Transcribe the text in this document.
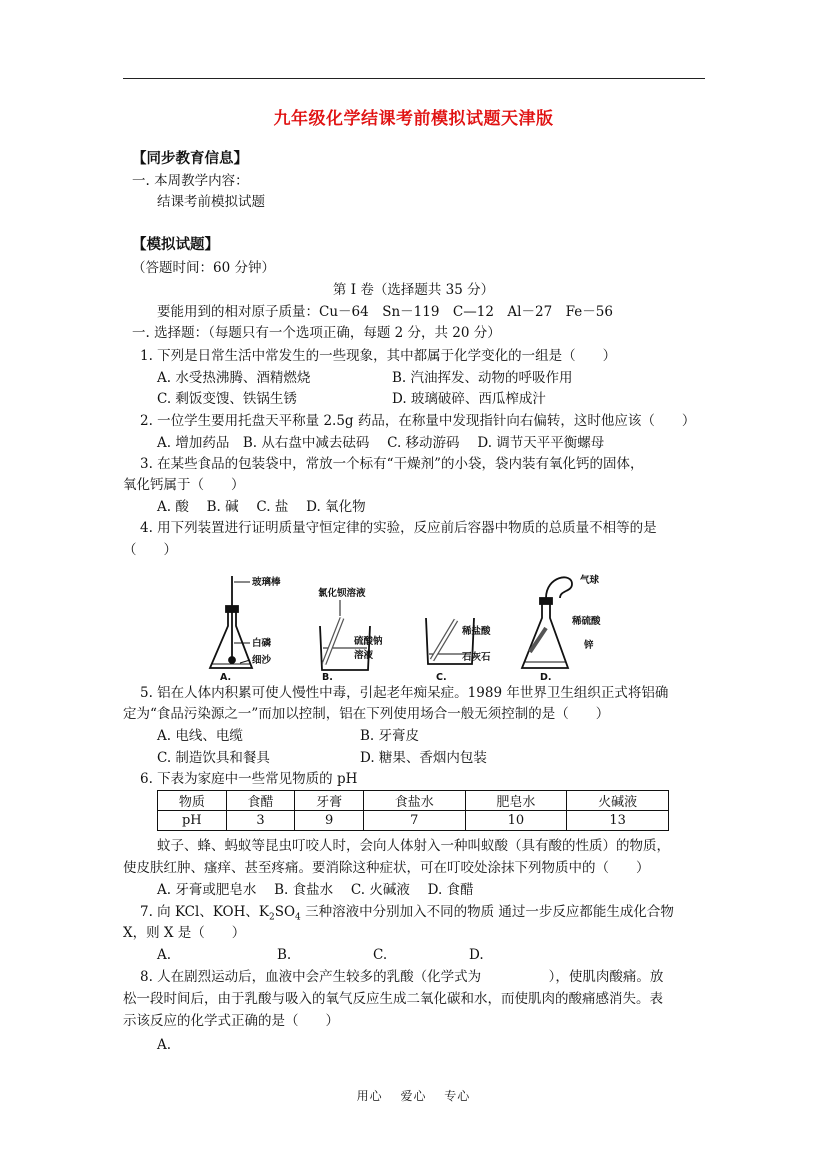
九年级化学结课考前模拟试题天津版
【同步教育信息】
一. 本周教学内容：
结课考前模拟试题
【模拟试题】
（答题时间：60 分钟）
第 I 卷（选择题共 35 分）
要能用到的相对原子质量：Cu－64　Sn－119　C—12　Al－27　Fe－56
一. 选择题：（每题只有一个选项正确，每题 2 分，共 20 分）
1. 下列是日常生活中常发生的一些现象，其中都属于化学变化的一组是（　　）
A. 水受热沸腾、酒精燃烧	B. 汽油挥发、动物的呼吸作用
C. 剩饭变馊、铁锅生锈	D. 玻璃破碎、西瓜榨成汁
2. 一位学生要用托盘天平称量 2.5g 药品，在称量中发现指针向右偏转，这时他应该（　　）
A. 增加药品　B. 从右盘中减去砝码　 C. 移动游码　 D. 调节天平平衡螺母
3. 在某些食品的包装袋中，常放一个标有“干燥剂”的小袋，袋内装有氧化钙的固体，
氧化钙属于（　　）
A. 酸　 B. 碱　 C. 盐　 D. 氧化物
4. 用下列装置进行证明质量守恒定律的实验，反应前后容器中物质的总质量不相等的是
（　　）
玻璃棒
白磷
细沙
A.
氯化钡溶液
硫酸钠
溶液
B.
稀盐酸
石灰石
C.
气球
稀硫酸
锌
D.
5. 铝在人体内积累可使人慢性中毒，引起老年痴呆症。1989 年世界卫生组织正式将铝确
定为“食品污染源之一”而加以控制，铝在下列使用场合一般无须控制的是（　　）
A. 电线、电缆	B. 牙膏皮
C. 制造饮具和餐具	D. 糖果、香烟内包装
6. 下表为家庭中一些常见物质的 pH
物质	食醋	牙膏	食盐水	肥皂水	火碱液
pH	3	9	7	10	13
蚊子、蜂、蚂蚁等昆虫叮咬人时，会向人体射入一种叫蚁酸（具有酸的性质）的物质，
使皮肤红肿、瘙痒、甚至疼痛。要消除这种症状，可在叮咬处涂抹下列物质中的（　　）
A. 牙膏或肥皂水　 B. 食盐水　 C. 火碱液　 D. 食醋
7. 向 KCl、KOH、$K_2SO_4$ 三种溶液中分别加入不同的物质 通过一步反应都能生成化合物
X，则 X 是（　　）
A.	B.	C.	D.
8. 人在剧烈运动后，血液中会产生较多的乳酸（化学式为　　　　　），使肌肉酸痛。放
松一段时间后，由于乳酸与吸入的氧气反应生成二氧化碳和水，而使肌肉的酸痛感消失。表
示该反应的化学式正确的是（　　）
A.
用心　 爱心　 专心
